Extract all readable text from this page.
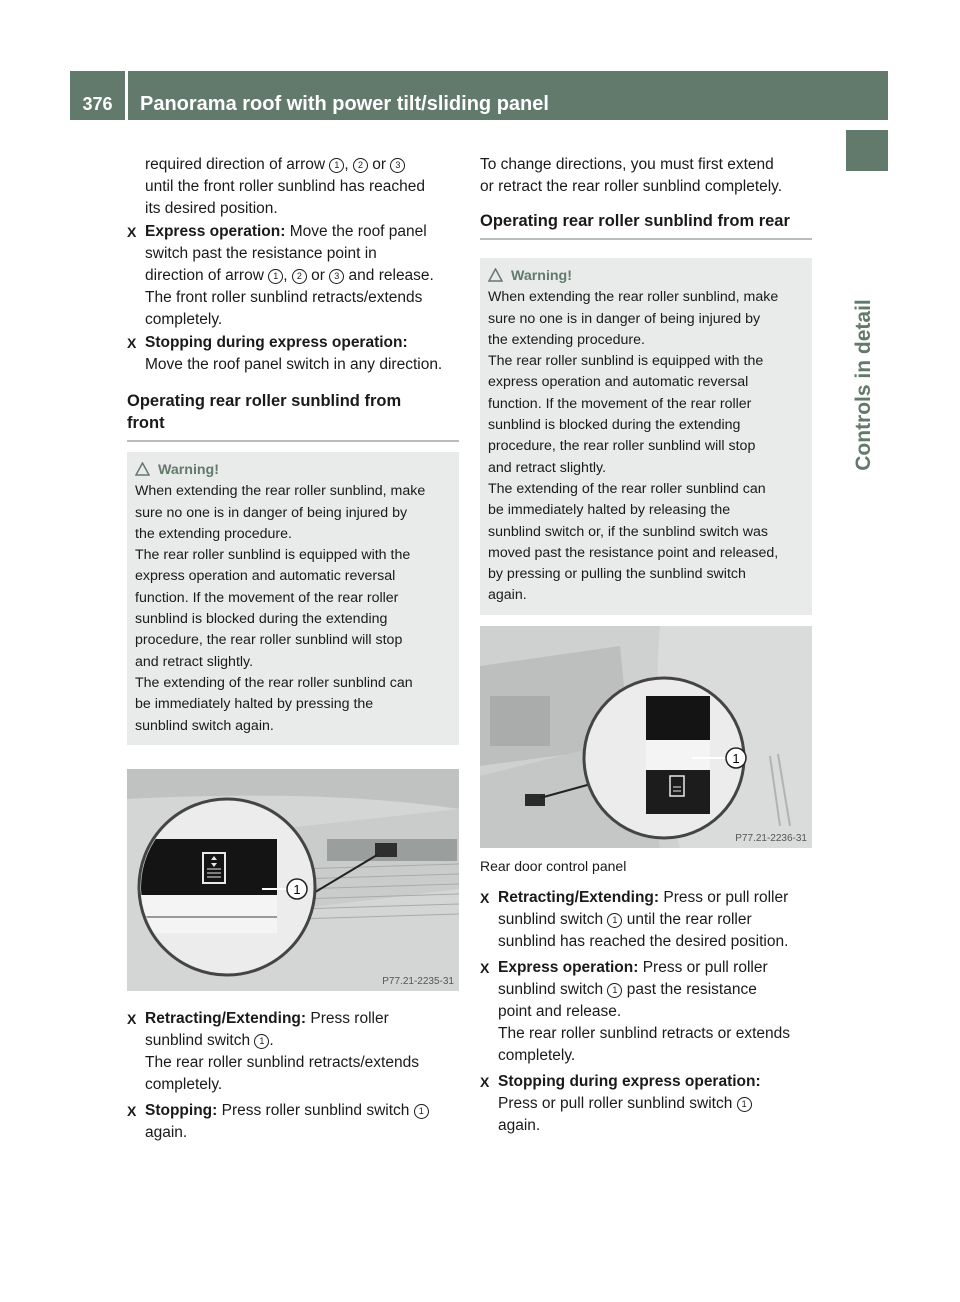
376	Panorama roof with power tilt/sliding panel
Controls in detail

required direction of arrow 1 , 2 or 3
until the front roller sunblind has reached
its desired position.

X Express operation: Move the roof panel
switch past the resistance point in
direction of arrow 1 , 2 or 3 and release.
The front roller sunblind retracts/extends
completely.

X Stopping during express operation:
Move the roof panel switch in any direction.

Operating rear roller sunblind from
front
Warning!
When extending the rear roller sunblind, make
sure no one is in danger of being injured by
the extending procedure.
The rear roller sunblind is equipped with the
express operation and automatic reversal
function. If the movement of the rear roller
sunblind is blocked during the extending
procedure, the rear roller sunblind will stop
and retract slightly.
The extending of the rear roller sunblind can
be immediately halted by pressing the
sunblind switch again.
1
P77.21-2235-31

X Retracting/Extending: Press roller
sunblind switch 1 .
The rear roller sunblind retracts/extends
completely.

X Stopping: Press roller sunblind switch 1
again.

To change directions, you must first extend
or retract the rear roller sunblind completely.

Operating rear roller sunblind from rear
Warning!
When extending the rear roller sunblind, make
sure no one is in danger of being injured by
the extending procedure.
The rear roller sunblind is equipped with the
express operation and automatic reversal
function. If the movement of the rear roller
sunblind is blocked during the extending
procedure, the rear roller sunblind will stop
and retract slightly.
The extending of the rear roller sunblind can
be immediately halted by releasing the
sunblind switch or, if the sunblind switch was
moved past the resistance point and released,
by pressing or pulling the sunblind switch
again.
1
P77.21-2236-31

Rear door control panel

X Retracting/Extending: Press or pull roller
sunblind switch 1 until the rear roller
sunblind has reached the desired position.

X Express operation: Press or pull roller
sunblind switch 1 past the resistance
point and release.
The rear roller sunblind retracts or extends
completely.

X Stopping during express operation:
Press or pull roller sunblind switch 1
again.
